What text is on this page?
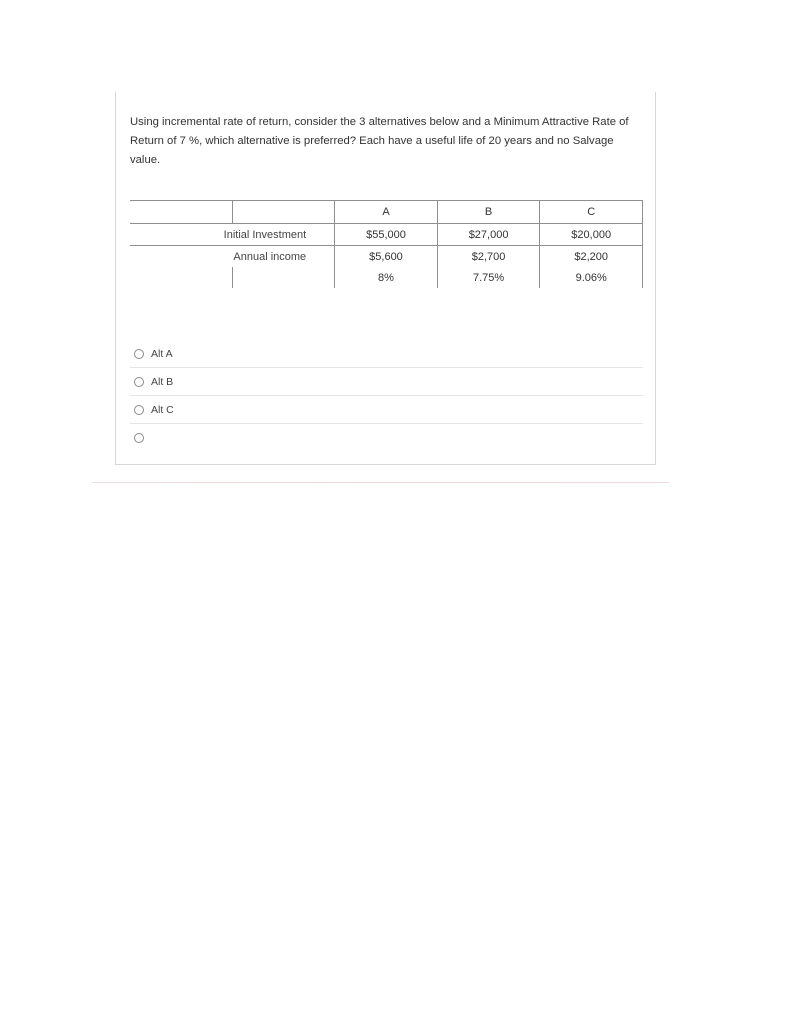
Using incremental rate of return, consider the 3 alternatives below and a Minimum Attractive Rate of Return of 7 %, which alternative is preferred? Each have a useful life of 20 years and no Salvage value.

		A	B	C
Initial Investment		$55,000	$27,000	$20,000
Annual income		$5,600	$2,700	$2,200
		8%	7.75%	9.06%
Alt A
Alt B
Alt C
